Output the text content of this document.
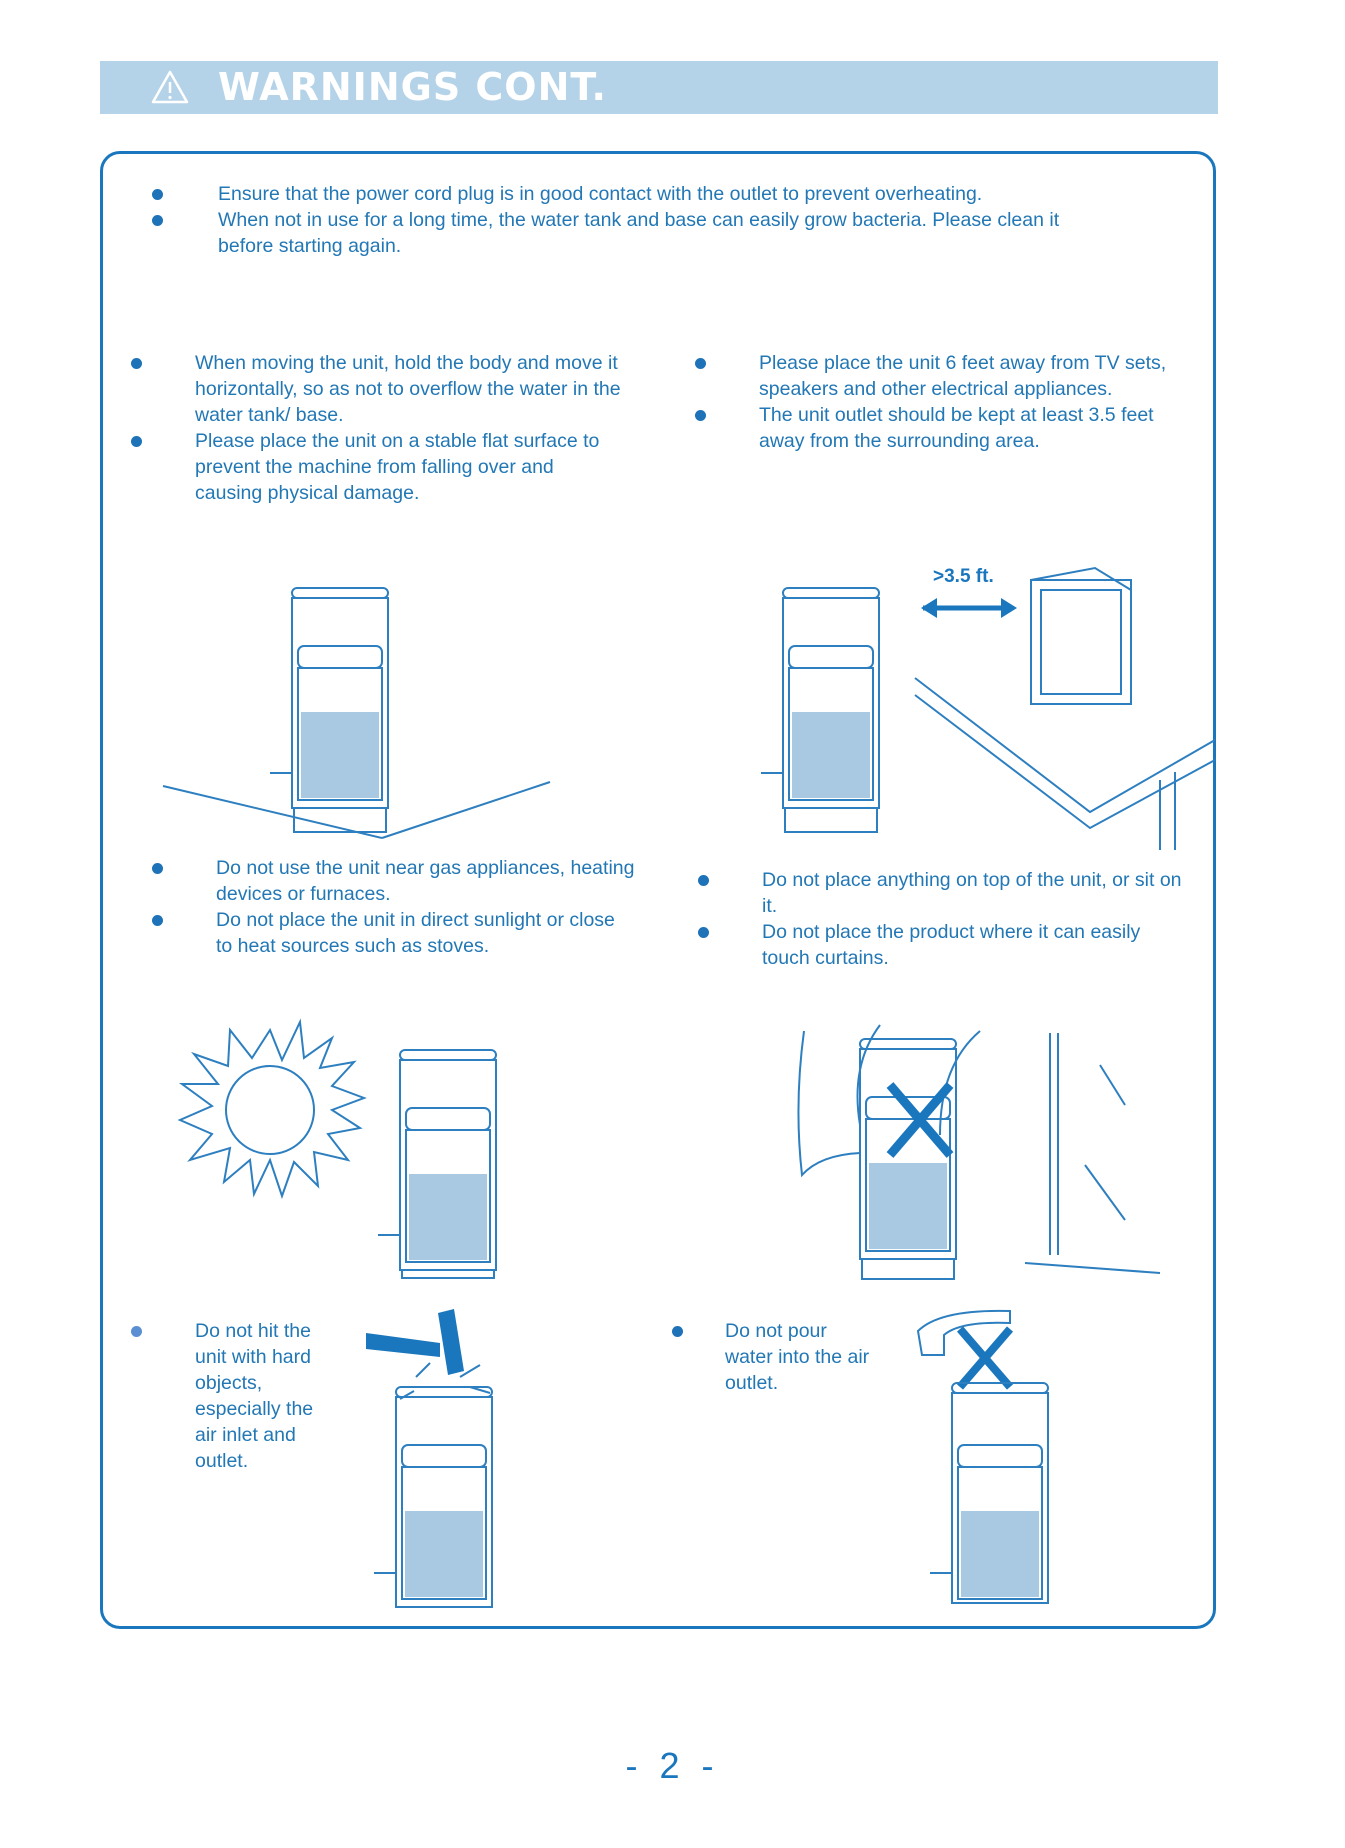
WARNINGS CONT.
Ensure that the power cord plug is in good contact with the outlet to prevent overheating.
When not in use for a long time, the water tank and base can easily grow bacteria. Please clean it before starting again.
When moving the unit, hold the body and move it horizontally, so as not to overflow the water in the water tank/ base.
Please place the unit on a stable flat surface to prevent the machine from falling over and causing physical damage.
Please place the unit 6 feet away from TV sets, speakers and other electrical appliances.
The unit outlet should be kept at least 3.5 feet away from the surrounding area.
>3.5 ft.
Do not use the unit near gas appliances, heating devices or furnaces.
Do not place the unit in direct sunlight or close to heat sources such as stoves.
Do not place anything on top of the unit, or sit on it.
Do not place the product where it can easily touch curtains.
Do not hit the unit with hard objects, especially the air inlet and outlet.
Do not pour water into the air outlet.
- 2 -
